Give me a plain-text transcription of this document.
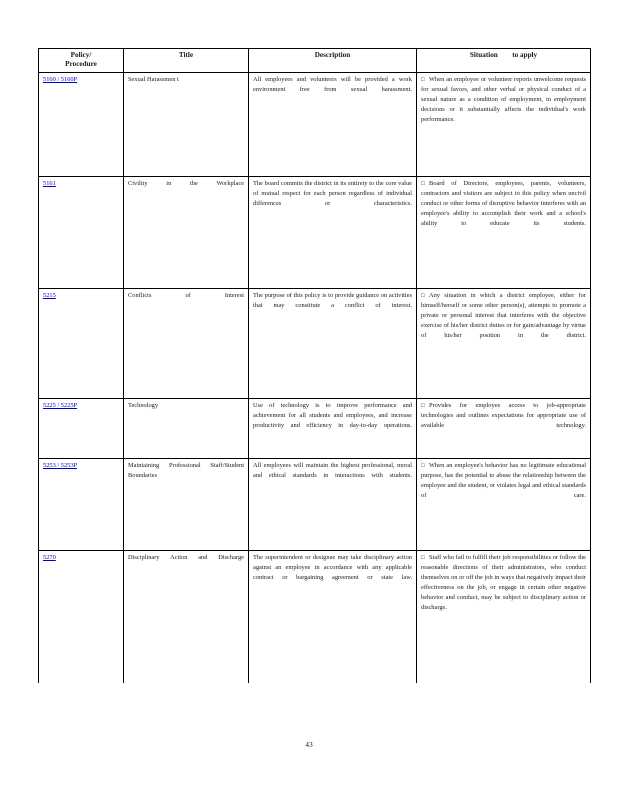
Policy/
Procedure	Title	Description	Situation to apply

5160 / 5160P	Sexual Harassmen t	All employees and volunteers will be provided a work environment free from sexual harassment.	□ When an employee or volunteer reports unwelcome requests for sexual favors, and other verbal or physical conduct of a sexual nature as a condition of employment, in employment decisions or it substantially affects the individual's work performance.

5161	Civility in the Workplace	The board commits the district in its entirety to the core value of mutual respect for each person regardless of individual differences or characteristics.	□ Board of Directors, employees, parents, volunteers, contractors and visitors are subject to this policy when uncivil conduct or other forms of disruptive behavior interferes with an employee's ability to accomplish their work and a school's ability to educate its students.

5215	Conflicts of Interest	The purpose of this policy is to provide guidance on activities that may constitute a conflict of interest.	□ Any situation in which a district employee, either for himself/herself or some other person(s), attempts to promote a private or personal interest that interferes with the objective exercise of his/her district duties or for gain/advantage by virtue of his/her position in the district.

5225 / 5225P	Technology	Use of technology is to improve performance and achievement for all students and employees, and increase productivity and efficiency in day-to-day operations.	□ Provides for employee access to job-appropriate technologies and outlines expectations for appropriate use of available technology.

5253 / 5253P	Maintaining Professional Staff/Student Boundaries	All employees will maintain the highest professional, moral and ethical standards in interactions with students.	□ When an employee's behavior has no legitimate educational purpose, has the potential to abuse the relationship between the employee and the student, or violates legal and ethical standards of care.

5270	Disciplinary Action and Discharge	The superintendent or designee may take disciplinary action against an employee in accordance with any applicable contract or bargaining agreement or state law.	□ Staff who fail to fulfill their job responsibilities or follow the reasonable directions of their administrators, who conduct themselves on or off the job in ways that negatively impact their effectiveness on the job, or engage in certain other negative behavior and conduct, may be subject to disciplinary action or discharge.
43
